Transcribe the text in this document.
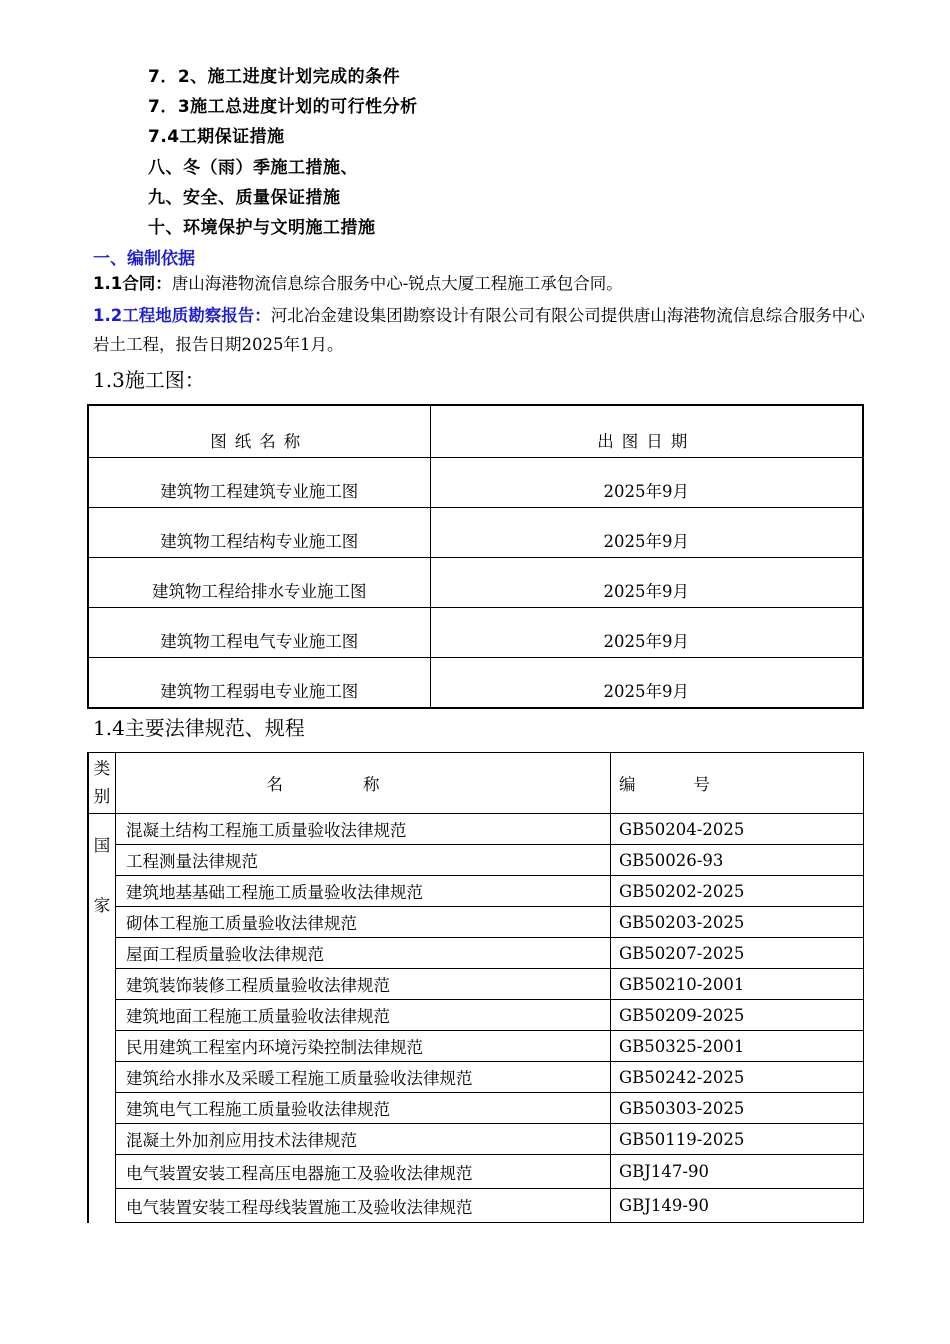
7．2、施工进度计划完成的条件
7．3施工总进度计划的可行性分析
7.4工期保证措施
八、冬（雨）季施工措施、
九、安全、质量保证措施
十、环境保护与文明施工措施
一、编制依据
1.1合同：唐山海港物流信息综合服务中心-锐点大厦工程施工承包合同。
1.2工程地质勘察报告：河北冶金建设集团勘察设计有限公司有限公司提供唐山海港物流信息综合服务中心岩土工程，报告日期2025年1月。
1.3施工图：
图纸名称	出图日期
建筑物工程建筑专业施工图	2025年9月
建筑物工程结构专业施工图	2025年9月
建筑物工程给排水专业施工图	2025年9月
建筑物工程电气专业施工图	2025年9月
建筑物工程弱电专业施工图	2025年9月
1.4主要法律规范、规程
类别	名称	编号

国家	混凝土结构工程施工质量验收法律规范	GB50204-2025
	工程测量法律规范	GB50026-93
	建筑地基基础工程施工质量验收法律规范	GB50202-2025
	砌体工程施工质量验收法律规范	GB50203-2025
	屋面工程质量验收法律规范	GB50207-2025
	建筑装饰装修工程质量验收法律规范	GB50210-2001
	建筑地面工程施工质量验收法律规范	GB50209-2025
	民用建筑工程室内环境污染控制法律规范	GB50325-2001
	建筑给水排水及采暖工程施工质量验收法律规范	GB50242-2025
	建筑电气工程施工质量验收法律规范	GB50303-2025
	混凝土外加剂应用技术法律规范	GB50119-2025
	电气装置安装工程高压电器施工及验收法律规范	GBJ147-90
	电气装置安装工程母线装置施工及验收法律规范	GBJ149-90
